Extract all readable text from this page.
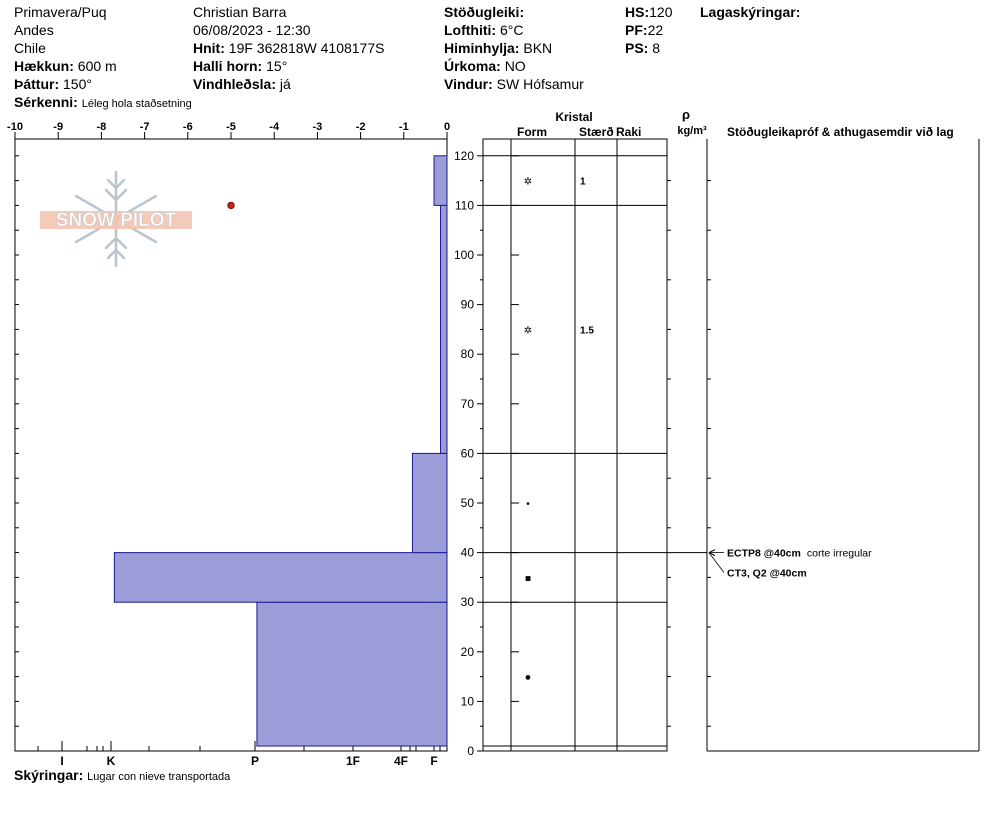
Primavera/Puq
Andes
Chile
Hækkun: 600 m
Þáttur: 150°
Sérkenni: Léleg hola staðsetning
Christian Barra
06/08/2023 - 12:30
Hnit: 19F 362818W 4108177S
Halli horn: 15°
Vindhleðsla: já
Stöðugleiki:
Lofthiti: 6°C
Himinhylja: BKN
Úrkoma: NO
Vindur: SW Hófsamur
HS:120
PF:22
PS: 8
Lagaskýringar:
Skýringar: Lugar con nieve transportada
SNOW PILOT
-10	-9	-8	-7	-6	-5	-4	-3	-2	-1	0
I	K	P	1F	4F F
0
10
20
30
40
50
60
70
80
90
100
110
120
✲	1
✲	1.5
•
■
●
ECTP8 @40cm corte irregular
CT3, Q2 @40cm
Kristal
Form	Stærð Raki
ρ
kg/m³ Stöðugleikapróf & athugasemdir við lag
